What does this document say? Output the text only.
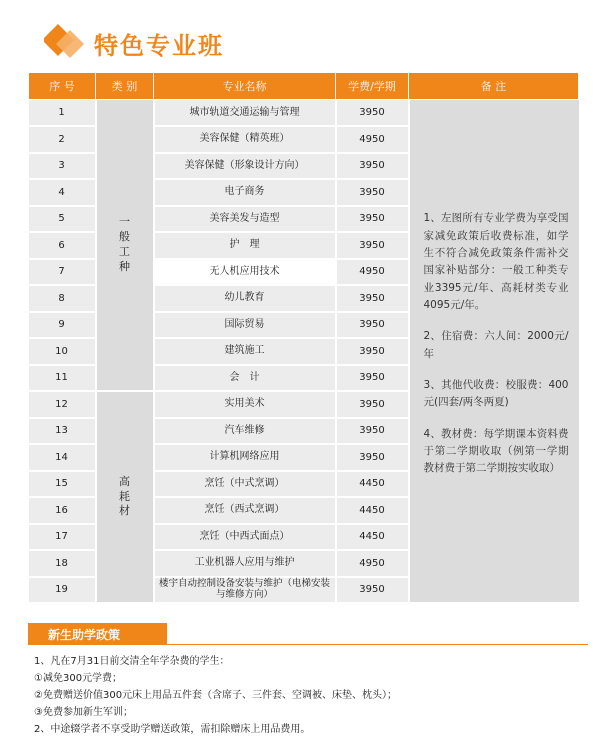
特色专业班
序 号	类 别	专业名称	学费/学期	备 注
1	一般工种	城市轨道交通运输与管理	3950	1、左图所有专业学费为享受国家减免政策后收费标准，如学生不符合减免政策条件需补交国家补贴部分：一般工种类专业3395元/年、高耗材类专业4095元/年。

2、住宿费：六人间：2000元/年

3、其他代收费：校服费：400元(四套/两冬两夏)

4、教材费：每学期课本资料费于第二学期收取（例第一学期教材费于第二学期按实收取）

2		美容保健（精英班）	4950	
3		美容保健（形象设计方向）	3950	
4		电子商务	3950	
5		美容美发与造型	3950	
6		护　理	3950	
7		无人机应用技术	4950	
8		幼儿教育	3950	
9		国际贸易	3950	
10		建筑施工	3950	
11		会　计	3950	
12	高耗材	实用美术	3950	
13		汽车维修	3950	
14		计算机网络应用	3950	
15		烹饪（中式烹调）	4450	
16		烹饪（西式烹调）	4450	
17		烹饪（中西式面点）	4450	
18		工业机器人应用与维护	4950	
19		楼宇自动控制设备安装与维护（电梯安装与维修方向）	3950	
新生助学政策
1、凡在7月31日前交清全年学杂费的学生：
①减免300元学费；
②免费赠送价值300元床上用品五件套（含席子、三件套、空调被、床垫、枕头）；
③免费参加新生军训；
2、中途辍学者不享受助学赠送政策，需扣除赠床上用品费用。
